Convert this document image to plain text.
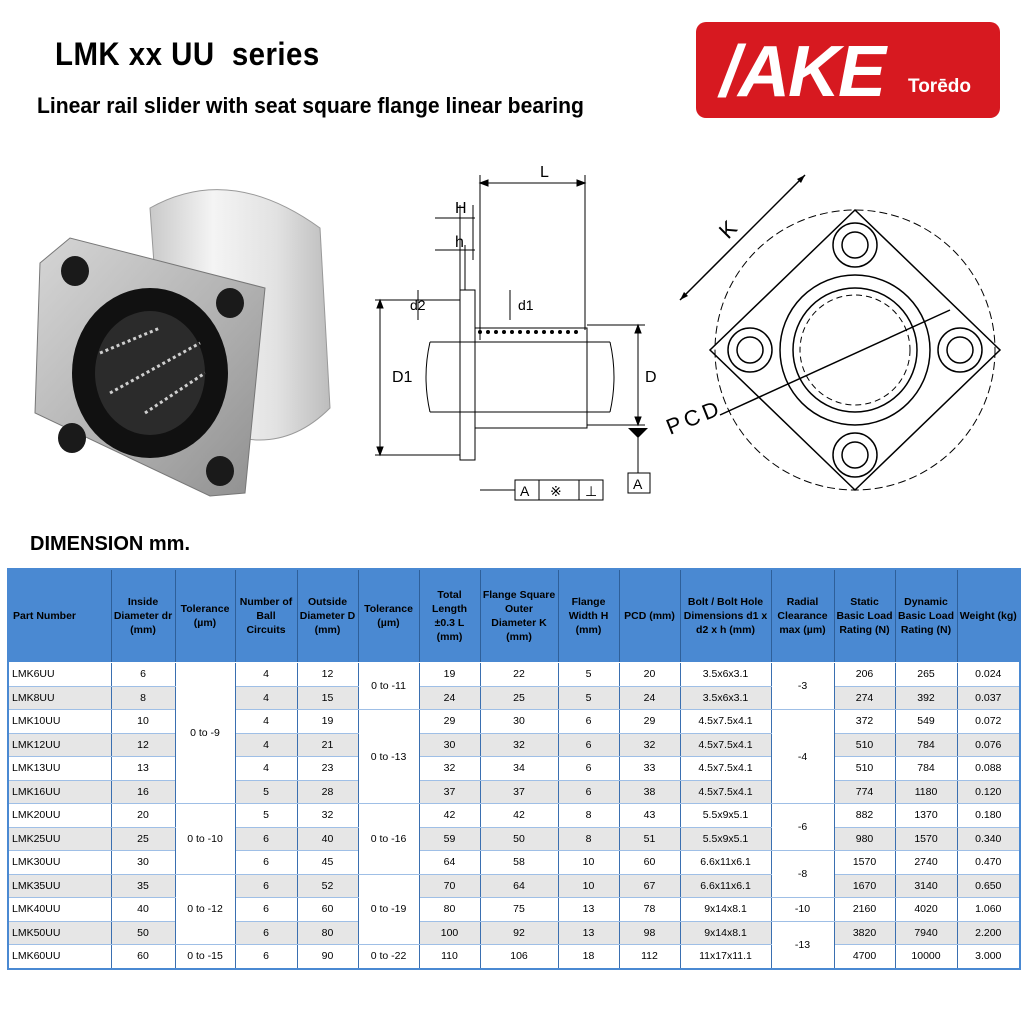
LMK xx UU  series
Linear rail slider with seat square flange linear bearing /AKE Torēdo
L
H
h
d2	d1
D1	D
A ※ ⊥	A
K
PCD
DIMENSION mm.
Part Number	Inside Diameter dr (mm)	Tolerance (µm)	Number of Ball Circuits	Outside Diameter D (mm)	Tolerance (µm)	Total Length ±0.3 L (mm)	Flange Square Outer Diameter K (mm)	Flange Width H (mm)	PCD (mm)	Bolt / Bolt Hole Dimensions d1 x d2 x h (mm)	Radial Clearance max (µm)	Static Basic Load Rating (N)	Dynamic Basic Load Rating (N)	Weight (kg)
LMK6UU	6	0 to -9	4	12	0 to -11	19	22	5	20	3.5x6x3.1	-3	206	265	0.024
LMK8UU	8		4	15		24	25	5	24	3.5x6x3.1		274	392	0.037
LMK10UU	10		4	19	0 to -13	29	30	6	29	4.5x7.5x4.1	-4	372	549	0.072
LMK12UU	12		4	21		30	32	6	32	4.5x7.5x4.1		510	784	0.076
LMK13UU	13		4	23		32	34	6	33	4.5x7.5x4.1		510	784	0.088
LMK16UU	16		5	28		37	37	6	38	4.5x7.5x4.1		774	1180	0.120
LMK20UU	20	0 to -10	5	32	0 to -16	42	42	8	43	5.5x9x5.1	-6	882	1370	0.180
LMK25UU	25		6	40		59	50	8	51	5.5x9x5.1		980	1570	0.340
LMK30UU	30		6	45		64	58	10	60	6.6x11x6.1	-8	1570	2740	0.470
LMK35UU	35	0 to -12	6	52	0 to -19	70	64	10	67	6.6x11x6.1		1670	3140	0.650
LMK40UU	40		6	60		80	75	13	78	9x14x8.1	-10	2160	4020	1.060
LMK50UU	50		6	80		100	92	13	98	9x14x8.1	-13	3820	7940	2.200
LMK60UU	60	0 to -15	6	90	0 to -22	110	106	18	112	11x17x11.1		4700	10000	3.000
